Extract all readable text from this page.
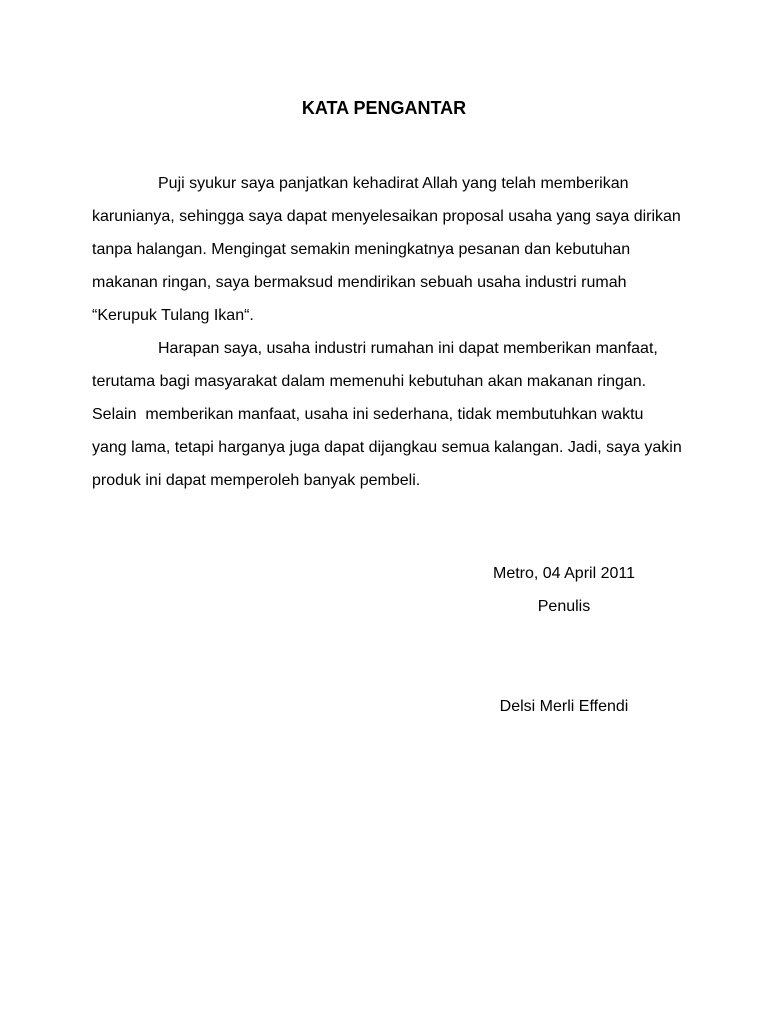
KATA PENGANTAR

Puji syukur saya panjatkan kehadirat Allah yang telah memberikan
karunianya, sehingga saya dapat menyelesaikan proposal usaha yang saya dirikan
tanpa halangan. Mengingat semakin meningkatnya pesanan dan kebutuhan
makanan ringan, saya bermaksud mendirikan sebuah usaha industri rumah
“Kerupuk Tulang Ikan“.

Harapan saya, usaha industri rumahan ini dapat memberikan manfaat,
terutama bagi masyarakat dalam memenuhi kebutuhan akan makanan ringan.
Selain  memberikan manfaat, usaha ini sederhana, tidak membutuhkan waktu
yang lama, tetapi harganya juga dapat dijangkau semua kalangan. Jadi, saya yakin
produk ini dapat memperoleh banyak pembeli.

Metro, 04 April 2011
Penulis
Delsi Merli Effendi
